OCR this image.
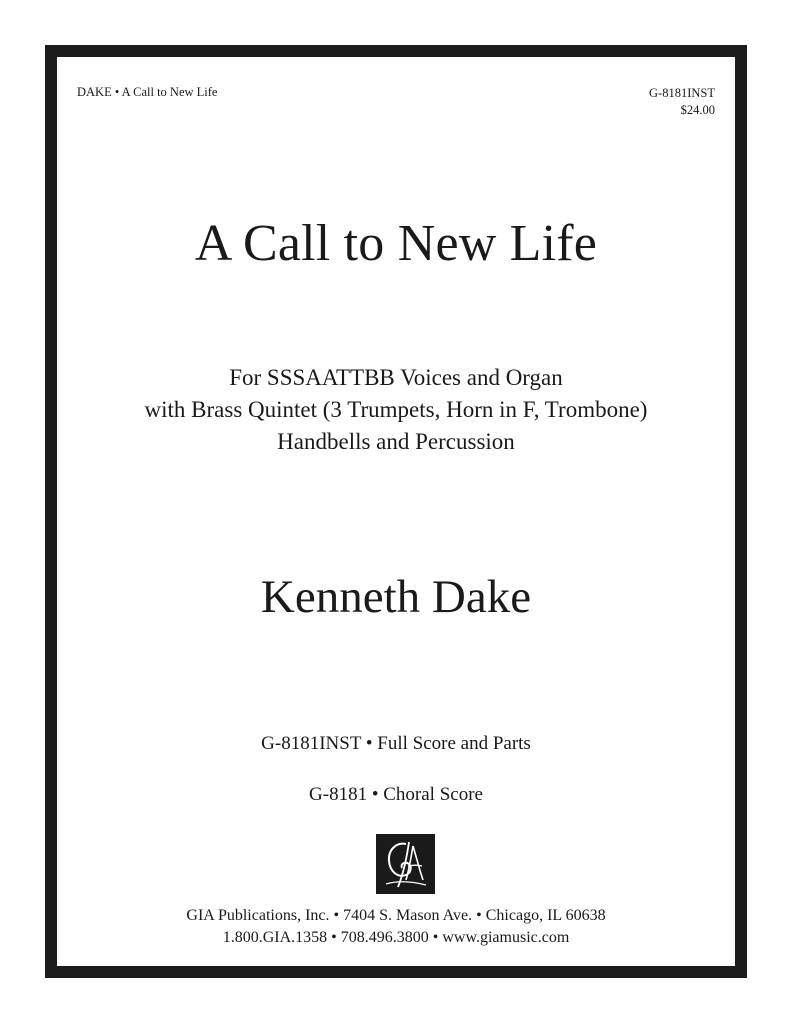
DAKE • A Call to New Life	G-8181INST
$24.00
A Call to New Life
For SSSAATTBB Voices and Organ
with Brass Quintet (3 Trumpets, Horn in F, Trombone)
Handbells and Percussion
Kenneth Dake
G-8181INST • Full Score and Parts
G-8181 • Choral Score
GIA Publications, Inc. • 7404 S. Mason Ave. • Chicago, IL 60638
1.800.GIA.1358 • 708.496.3800 • www.giamusic.com
